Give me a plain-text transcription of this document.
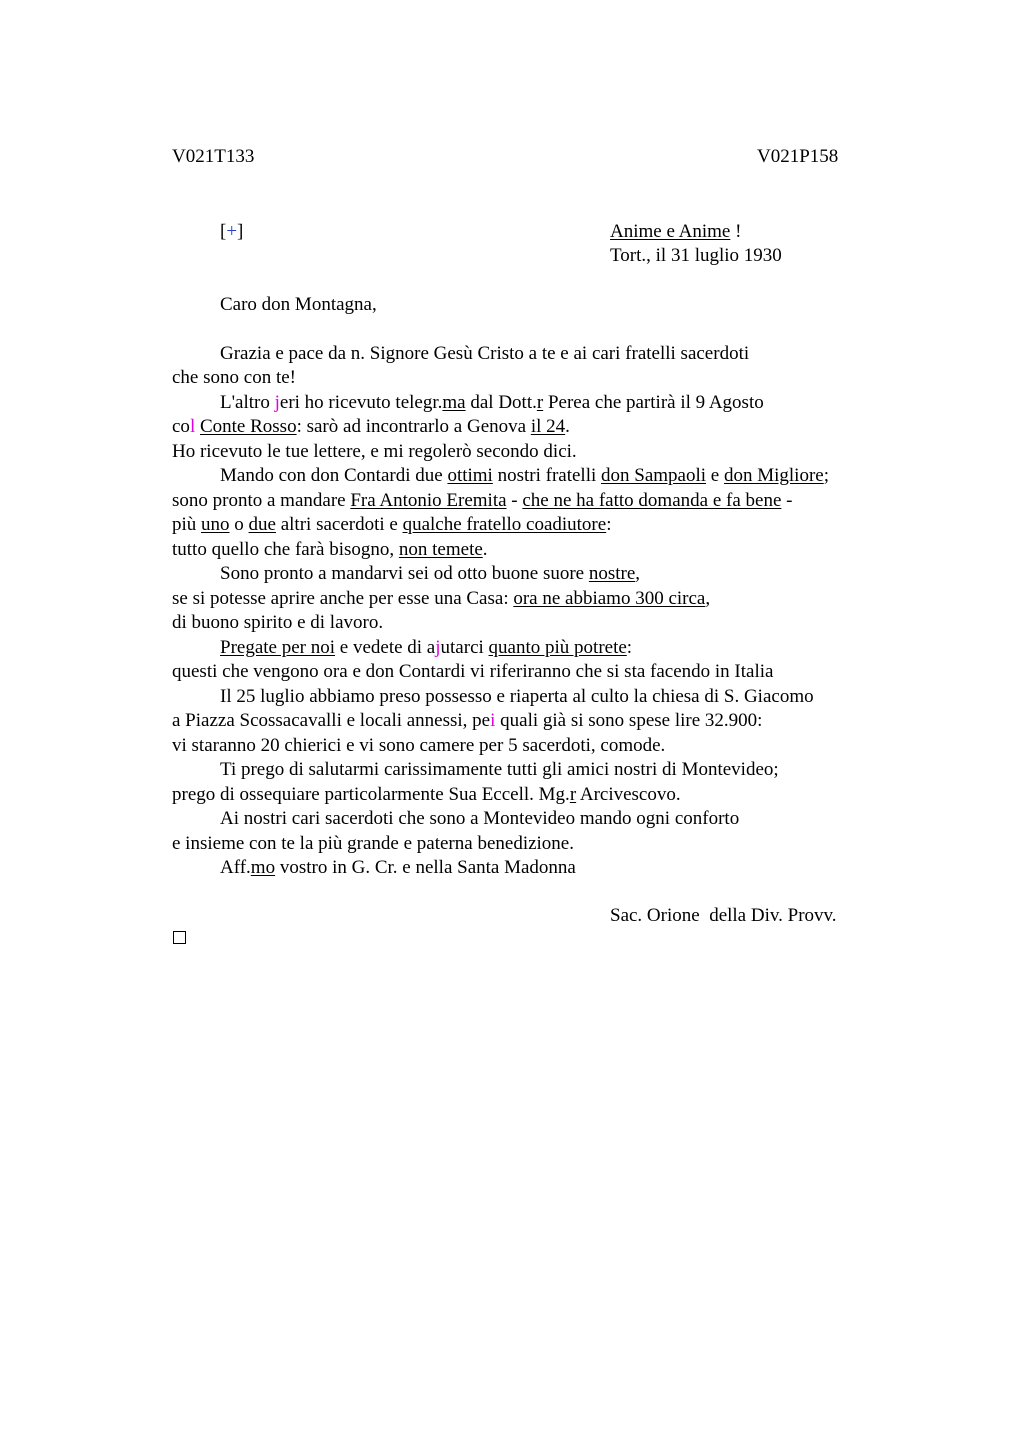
V021T133	V021P158
[+]	Anime e Anime !
Tort., il 31 luglio 1930
Caro don Montagna,
Grazia e pace da n. Signore Gesù Cristo a te e ai cari fratelli sacerdoti
che sono con te!
L'altro jeri ho ricevuto telegr.ma dal Dott.r Perea che partirà il 9 Agosto
col Conte Rosso: sarò ad incontrarlo a Genova il 24.
Ho ricevuto le tue lettere, e mi regolerò secondo dici.
Mando con don Contardi due ottimi nostri fratelli don Sampaoli e don Migliore;
sono pronto a mandare Fra Antonio Eremita - che ne ha fatto domanda e fa bene -
più uno o due altri sacerdoti e qualche fratello coadiutore:
tutto quello che farà bisogno, non temete.
Sono pronto a mandarvi sei od otto buone suore nostre,
se si potesse aprire anche per esse una Casa: ora ne abbiamo 300 circa,
di buono spirito e di lavoro.
Pregate per noi e vedete di ajutarci quanto più potrete:
questi che vengono ora e don Contardi vi riferiranno che si sta facendo in Italia
Il 25 luglio abbiamo preso possesso e riaperta al culto la chiesa di S. Giacomo
a Piazza Scossacavalli e locali annessi, pei quali già si sono spese lire 32.900:
vi staranno 20 chierici e vi sono camere per 5 sacerdoti, comode.
Ti prego di salutarmi carissimamente tutti gli amici nostri di Montevideo;
prego di ossequiare particolarmente Sua Eccell. Mg.r Arcivescovo.
Ai nostri cari sacerdoti che sono a Montevideo mando ogni conforto
e insieme con te la più grande e paterna benedizione.
Aff.mo vostro in G. Cr. e nella Santa Madonna
Sac. Orione  della Div. Provv.
